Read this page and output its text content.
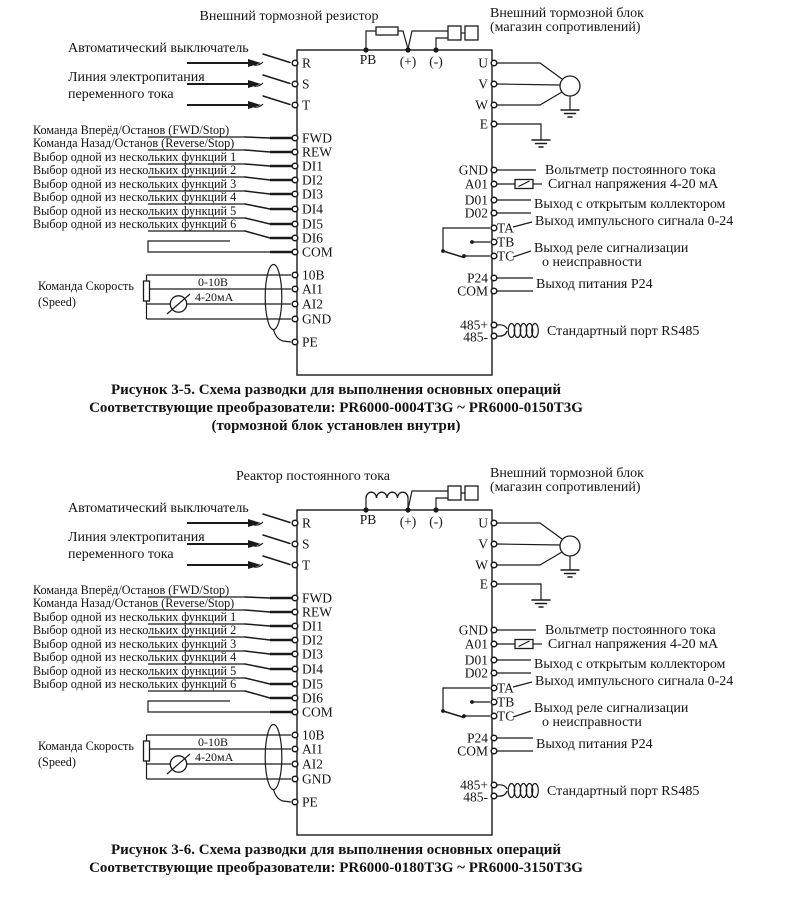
Внешний тормозной резистор
Рисунок 3-5. Схема разводки для выполнения основных операций
Соответствующие преобразователи: PR6000-0004T3G ~ PR6000-0150T3G
(тормозной блок установлен внутри)
Реактор постоянного тока
Рисунок 3-6. Схема разводки для выполнения основных операций
Соответствующие преобразователи: PR6000-0180T3G ~ PR6000-3150T3G
